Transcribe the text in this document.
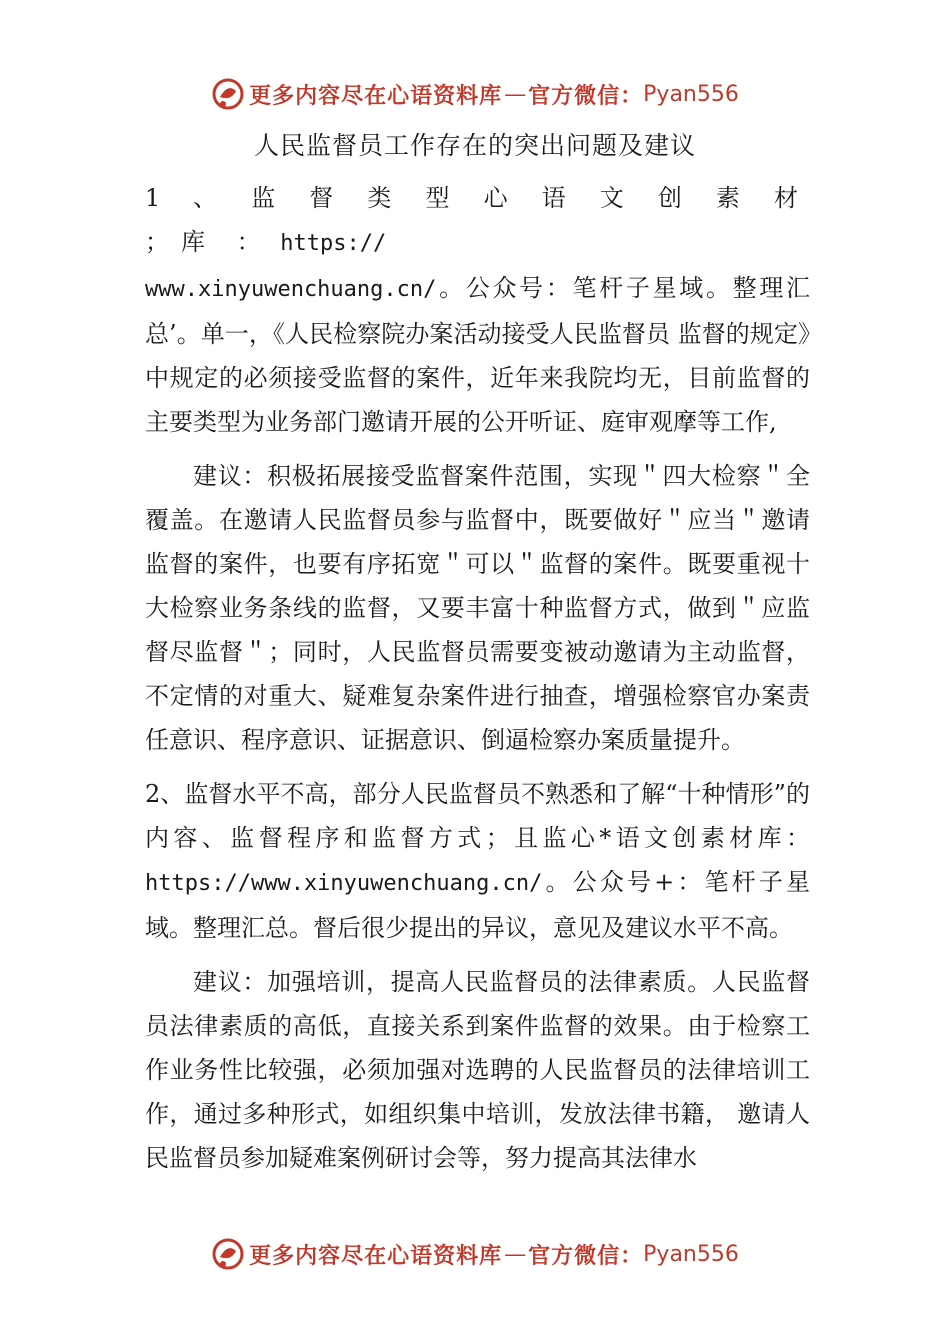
更多内容尽在心语资料库 — 官方微信： Pyan556
人民监督员工作存在的突出问题及建议

1 、 监 督 类 型 心 语 文 创 素 材 ；库 ： https://
www.xinyuwenchuang.cn/。公众号：笔杆子星域。整理汇总’。单一，《人民检察院办案活动接受人民监督员 监督的规定》中规定的必须接受监督的案件，近年来我院均无，目前监督的主要类型为业务部门邀请开展的公开听证、庭审观摩等工作,

建议：积极拓展接受监督案件范围，实现＂四大检察＂全覆盖。在邀请人民监督员参与监督中，既要做好＂应当＂邀请监督的案件，也要有序拓宽＂可以＂监督的案件。既要重视十大检察业务条线的监督，又要丰富十种监督方式，做到＂应监督尽监督＂；同时，人民监督员需要变被动邀请为主动监督，不定情的对重大、疑难复杂案件进行抽查，增强检察官办案责任意识、程序意识、证据意识、倒逼检察办案质量提升。

2、监督水平不高，部分人民监督员不熟悉和了解“十种情形”的内容、监督程序和监督方式；且监心*语文创素材库：https://www.xinyuwenchuang.cn/。公众号+：笔杆子星域。整理汇总。督后很少提出的异议，意见及建议水平不高。

建议：加强培训，提高人民监督员的法律素质。人民监督员法律素质的高低，直接关系到案件监督的效果。由于检察工作业务性比较强，必须加强对选聘的人民监督员的法律培训工作，通过多种形式，如组织集中培训，发放法律书籍， 邀请人民监督员参加疑难案例研讨会等，努力提高其法律水

更多内容尽在心语资料库 — 官方微信： Pyan556
